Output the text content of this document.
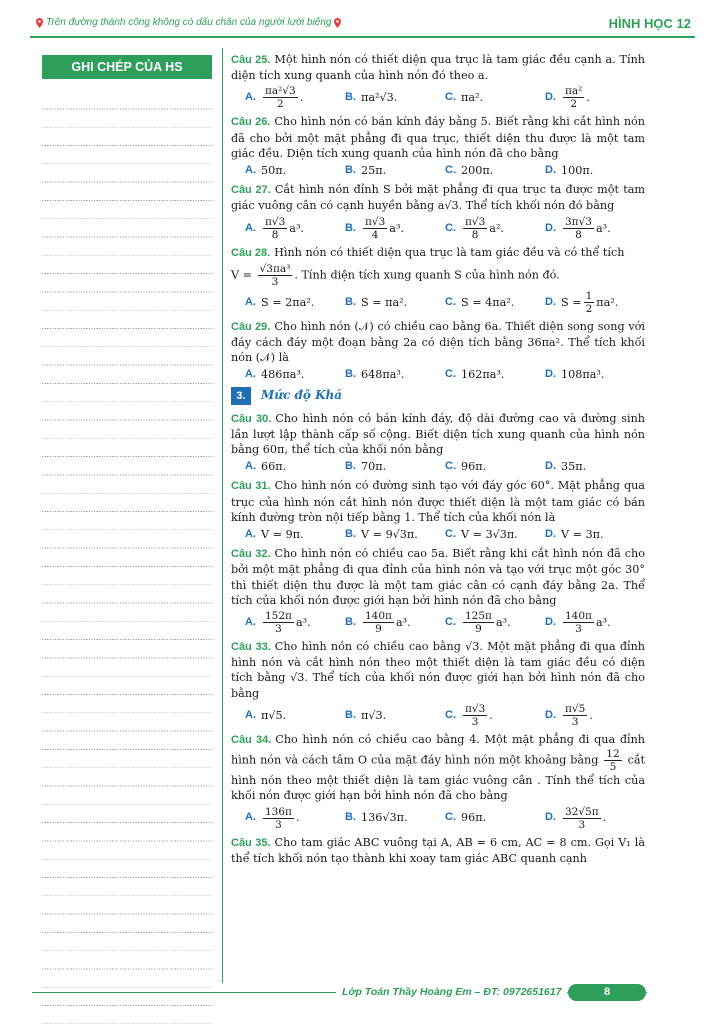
Trên đường thành công không có dấu chân của người lười biếng	HÌNH HỌC 12
GHI CHÉP CỦA HS	Câu 25. Một hình nón có thiết diện qua trục là tam giác đều cạnh a. Tính diện tích xung quanh của hình nón đó theo a.
A. $\frac{\text{πa²√3}}{2}$ .	B. πa²√3.	C. πa².	D. $\frac{\text{πa²}}{2}$ .
Câu 26. Cho hình nón có bán kính đáy bằng 5. Biết rằng khi cắt hình nón đã cho bởi một mặt phẳng đi qua trục, thiết diện thu được là một tam giác đều. Diện tích xung quanh của hình nón đã cho bằng
A. 50π.	B. 25π.	C. 200π.	D. 100π.
Câu 27. Cắt hình nón đỉnh S bởi mặt phẳng đi qua trục ta được một tam giác vuông cân có cạnh huyền bằng a√3. Thể tích khối nón đó bằng
A. $\frac{\pi√3}{8} a^3$.	B. $\frac{\pi√3}{4} a^3$.	C. $\frac{\pi√3}{8} a^2$.	D. $\frac{3\pi√3}{8} a^3$.
Câu 28. Hình nón có thiết diện qua trục là tam giác đều và có thể tích
$V = \frac{\text{√3πa³}}{3}$ . Tính diện tích xung quanh S của hình nón đó.
A. S = 2πa².	B. S = πa².	C. S = 4πa².	D. $S = \frac{1}{2} \pi a^2$.
Câu 29. Cho hình nón (𝒩) có chiều cao bằng 6a. Thiết diện song song với đáy cách đáy một đoạn bằng 2a có diện tích bằng 36πa². Thể tích khối nón (𝒩) là
A. 486πa³.	B. 648πa³.	C. 162πa³.	D. 108πa³.
3.	Mức độ Khá
Câu 30. Cho hình nón có bán kính đáy, độ dài đường cao và đường sinh lần lượt lập thành cấp số cộng. Biết diện tích xung quanh của hình nón bằng 60π, thể tích của khối nón bằng
A. 66π.	B. 70π.	C. 96π.	D. 35π.
Câu 31. Cho hình nón có đường sinh tạo với đáy góc 60°. Mặt phẳng qua trục của hình nón cắt hình nón được thiết diện là một tam giác có bán kính đường tròn nội tiếp bằng 1. Thể tích của khối nón là
A. V = 9π.	B. V = 9√3π. C. V = 3√3π. D. V = 3π.
Câu 32. Cho hình nón có chiều cao 5a. Biết rằng khi cắt hình nón đã cho bởi một mặt phẳng đi qua đỉnh của hình nón và tạo với trục một góc 30° thì thiết diện thu được là một tam giác cân có cạnh đáy bằng 2a. Thể tích của khối nón được giới hạn bởi hình nón đã cho bằng
A. $\frac{152\pi}{3} a^3$.	B. $\frac{140\pi}{9} a^3$.	C. $\frac{125\pi}{9} a^3$.	D. $\frac{140\pi}{3} a^3$.
Câu 33. Cho hình nón có chiều cao bằng √3. Một mặt phẳng đi qua đỉnh hình nón và cắt hình nón theo một thiết diện là tam giác đều có diện tích bằng √3. Thể tích của khối nón được giới hạn bởi hình nón đã cho bằng
A. π√5.	B. π√3.	C. $\frac{\pi√3}{3}$ .	D. $\frac{\pi√5}{3}$ .
Câu 34. Cho hình nón có chiều cao bằng 4. Một mặt phẳng đi qua đỉnh hình nón và cách tâm O của mặt đáy hình nón một khoảng bằng $\frac{12}{5}$ cắt hình nón theo một thiết diện là tam giác vuông cân . Tính thể tích của khối nón được giới hạn bởi hình nón đã cho bằng
A. $\frac{136\pi}{3}$ .	B. 136√3π.	C. 96π.	D. $\frac{32√5\pi}{3}$ .
Câu 35. Cho tam giác ABC vuông tại A, AB = 6 cm, AC = 8 cm. Gọi V₁ là thể tích khối nón tạo thành khi xoay tam giác ABC quanh cạnh
Lớp Toán Thầy Hoàng Em – ĐT: 0972651617	8
